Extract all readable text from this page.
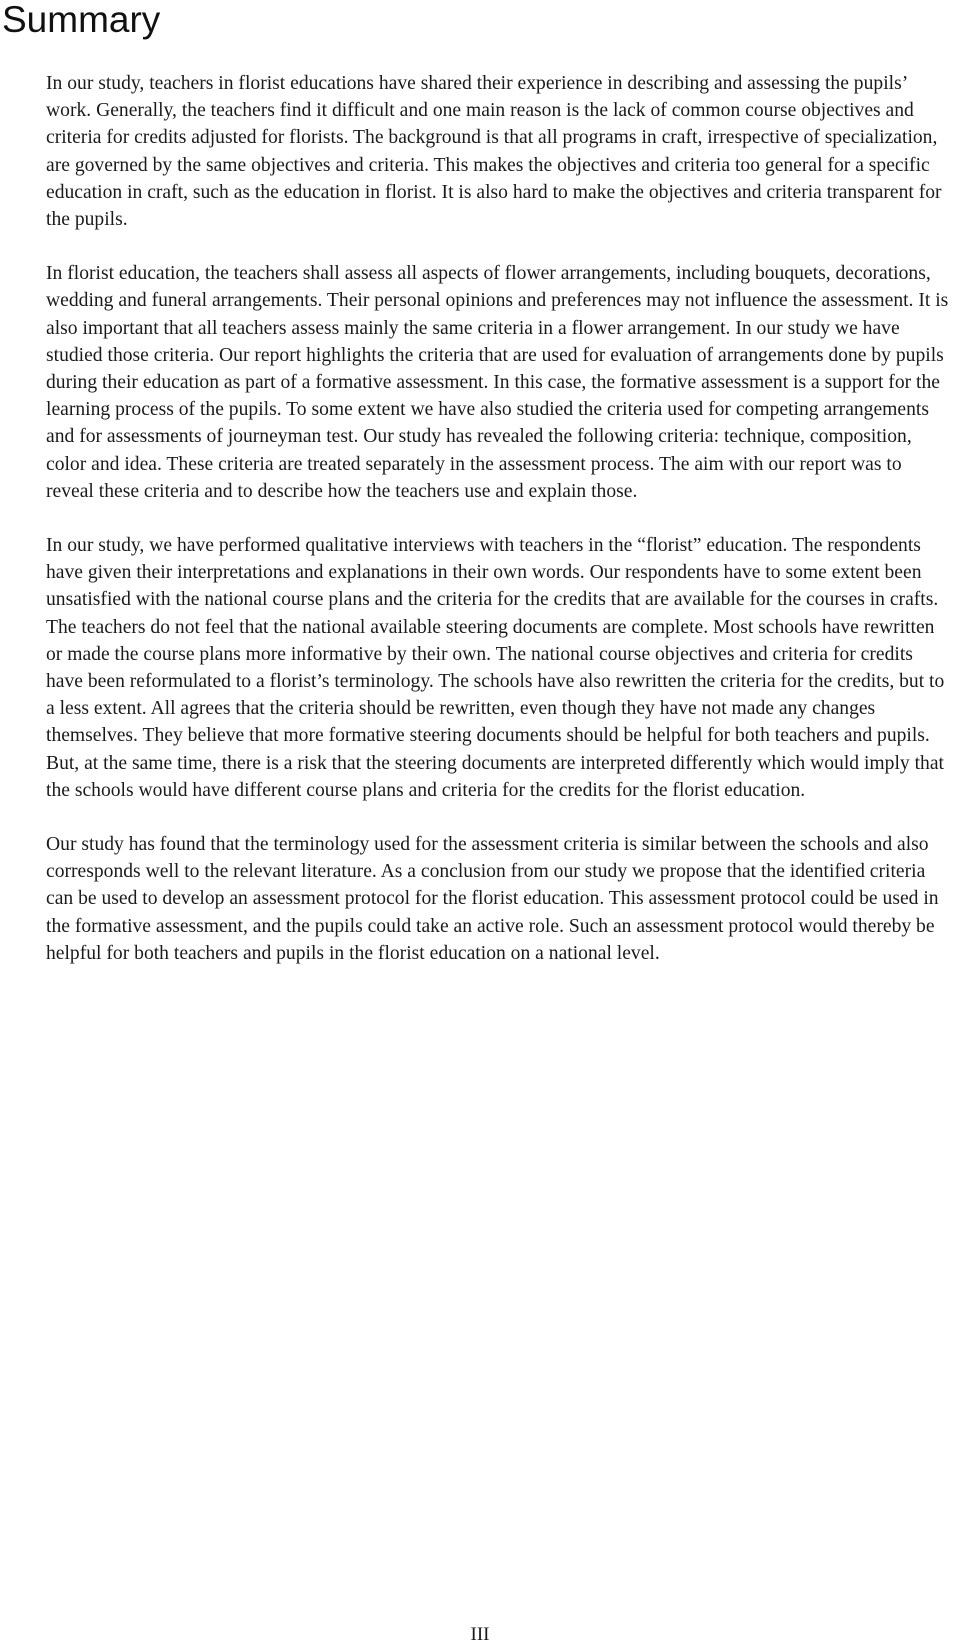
Summary

In our study, teachers in florist educations have shared their experience in describing and assessing the pupils’ work. Generally, the teachers find it difficult and one main reason is the lack of common course objectives and criteria for credits adjusted for florists. The background is that all programs in craft, irrespective of specialization, are governed by the same objectives and criteria. This makes the objectives and criteria too general for a specific education in craft, such as the education in florist. It is also hard to make the objectives and criteria transparent for the pupils.

In florist education, the teachers shall assess all aspects of flower arrangements, including bouquets, decorations, wedding and funeral arrangements. Their personal opinions and preferences may not influence the assessment. It is also important that all teachers assess mainly the same criteria in a flower arrangement. In our study we have studied those criteria. Our report highlights the criteria that are used for evaluation of arrangements done by pupils during their education as part of a formative assessment. In this case, the formative assessment is a support for the learning process of the pupils. To some extent we have also studied the criteria used for competing arrangements and for assessments of journeyman test. Our study has revealed the following criteria: technique, composition, color and idea. These criteria are treated separately in the assessment process. The aim with our report was to reveal these criteria and to describe how the teachers use and explain those.

In our study, we have performed qualitative interviews with teachers in the “florist” education. The respondents have given their interpretations and explanations in their own words. Our respondents have to some extent been unsatisfied with the national course plans and the criteria for the credits that are available for the courses in crafts. The teachers do not feel that the national available steering documents are complete. Most schools have rewritten or made the course plans more informative by their own. The national course objectives and criteria for credits have been reformulated to a florist’s terminology. The schools have also rewritten the criteria for the credits, but to a less extent. All agrees that the criteria should be rewritten, even though they have not made any changes themselves. They believe that more formative steering documents should be helpful for both teachers and pupils. But, at the same time, there is a risk that the steering documents are interpreted differently which would imply that the schools would have different course plans and criteria for the credits for the florist education.

Our study has found that the terminology used for the assessment criteria is similar between the schools and also corresponds well to the relevant literature. As a conclusion from our study we propose that the identified criteria can be used to develop an assessment protocol for the florist education. This assessment protocol could be used in the formative assessment, and the pupils could take an active role. Such an assessment protocol would thereby be helpful for both teachers and pupils in the florist education on a national level.

III
